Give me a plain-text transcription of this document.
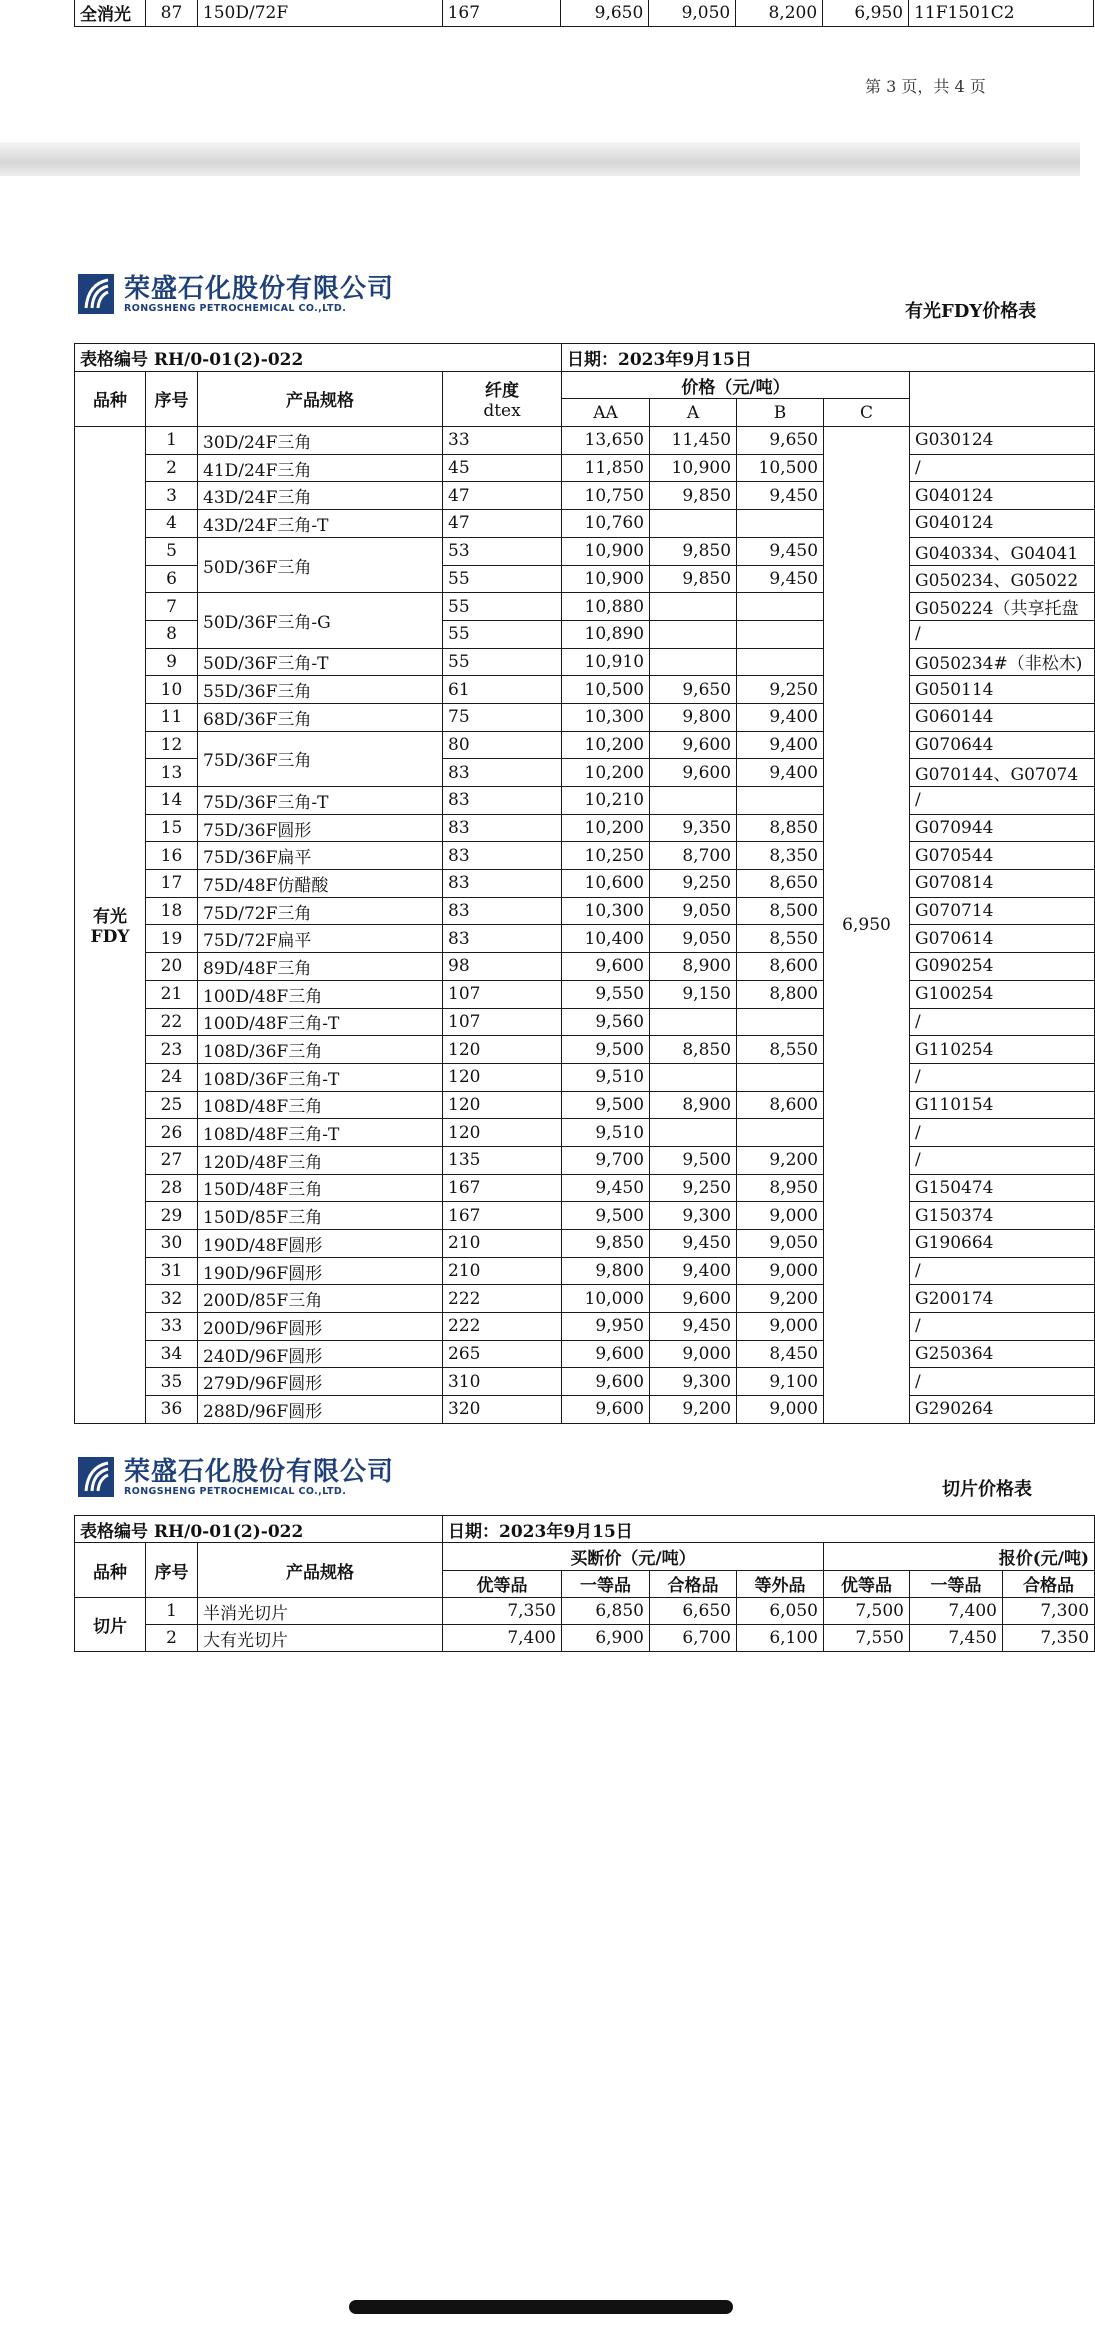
全消光	87	150D/72F	167	9,650	9,050	8,200	6,950	11F1501C2
第 3 页，共 4 页
荣盛石化股份有限公司
RONGSHENG PETROCHEMICAL CO.,LTD.	有光FDY价格表
表格编号 RH/0-01(2)-022				日期：2023年9月15日				
品种	序号	产品规格	纤度
dtex	价格（元/吨）				
				AA	A	B	C	

有光
FDY	1	30D/24F三角	33	13,650	11,450	9,650	6,950	G030124
	2	41D/24F三角	45	11,850	10,900	10,500		/
	3	43D/24F三角	47	10,750	9,850	9,450		G040124
	4	43D/24F三角-T	47	10,760				G040124
	5	50D/36F三角	53	10,900	9,850	9,450		G040334、G04041
	6		55	10,900	9,850	9,450		G050234、G05022
	7	50D/36F三角-G	55	10,880				G050224（共享托盘
	8		55	10,890				/
	9	50D/36F三角-T	55	10,910				G050234#（非松木)
	10	55D/36F三角	61	10,500	9,650	9,250		G050114
	11	68D/36F三角	75	10,300	9,800	9,400		G060144
	12	75D/36F三角	80	10,200	9,600	9,400		G070644
	13		83	10,200	9,600	9,400		G070144、G07074
	14	75D/36F三角-T	83	10,210				/
	15	75D/36F圆形	83	10,200	9,350	8,850		G070944
	16	75D/36F扁平	83	10,250	8,700	8,350		G070544
	17	75D/48F仿醋酸	83	10,600	9,250	8,650		G070814
	18	75D/72F三角	83	10,300	9,050	8,500		G070714
	19	75D/72F扁平	83	10,400	9,050	8,550		G070614
	20	89D/48F三角	98	9,600	8,900	8,600		G090254
	21	100D/48F三角	107	9,550	9,150	8,800		G100254
	22	100D/48F三角-T	107	9,560				/
	23	108D/36F三角	120	9,500	8,850	8,550		G110254
	24	108D/36F三角-T	120	9,510				/
	25	108D/48F三角	120	9,500	8,900	8,600		G110154
	26	108D/48F三角-T	120	9,510				/
	27	120D/48F三角	135	9,700	9,500	9,200		/
	28	150D/48F三角	167	9,450	9,250	8,950		G150474
	29	150D/85F三角	167	9,500	9,300	9,000		G150374
	30	190D/48F圆形	210	9,850	9,450	9,050		G190664
	31	190D/96F圆形	210	9,800	9,400	9,000		/
	32	200D/85F三角	222	10,000	9,600	9,200		G200174
	33	200D/96F圆形	222	9,950	9,450	9,000		/
	34	240D/96F圆形	265	9,600	9,000	8,450		G250364
	35	279D/96F圆形	310	9,600	9,300	9,100		/
	36	288D/96F圆形	320	9,600	9,200	9,000		G290264
荣盛石化股份有限公司
RONGSHENG PETROCHEMICAL CO.,LTD.	切片价格表
表格编号 RH/0-01(2)-022			日期：2023年9月15日						
品种	序号	产品规格	买断价（元/吨）				报价(元/吨)		
			优等品	一等品	合格品	等外品	优等品	一等品	合格品
切片	1	半消光切片	7,350	6,850	6,650	6,050	7,500	7,400	7,300
	2	大有光切片	7,400	6,900	6,700	6,100	7,550	7,450	7,350
